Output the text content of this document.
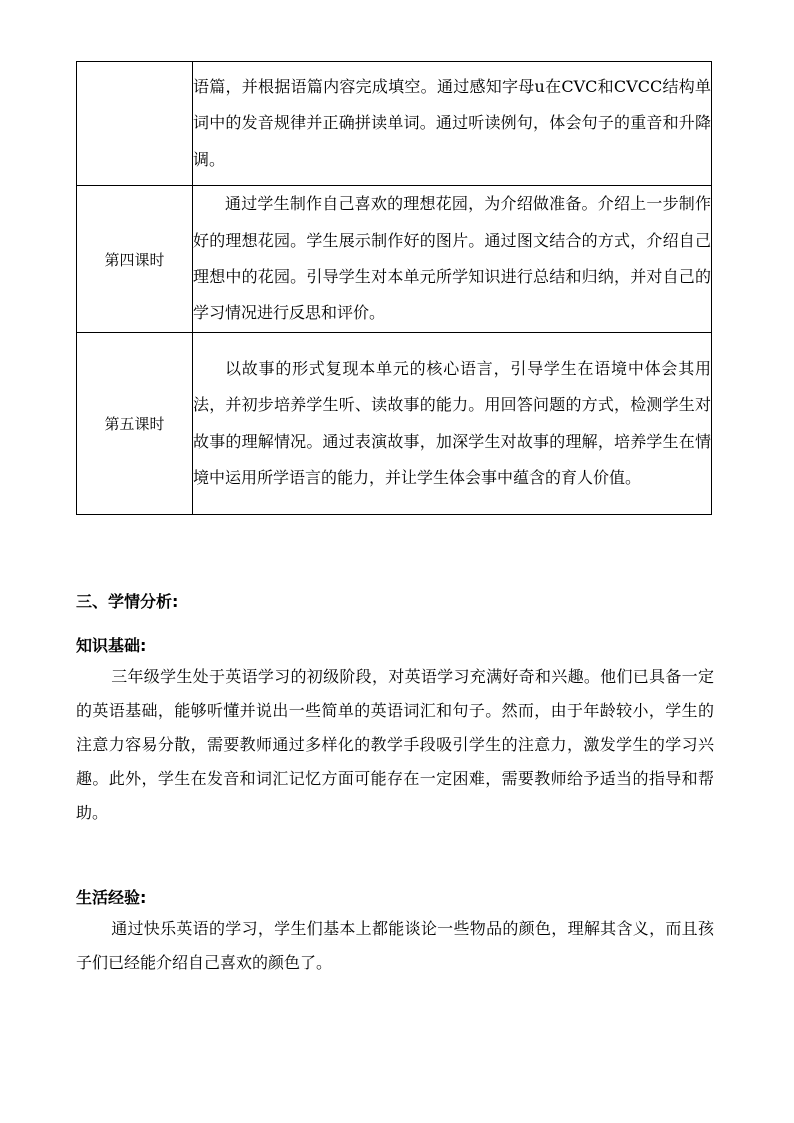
	语篇，并根据语篇内容完成填空。通过感知字母u在CVC和CVCC结构单词中的发音规律并正确拼读单词。通过听读例句，体会句子的重音和升降调。
第四课时	通过学生制作自己喜欢的理想花园，为介绍做准备。介绍上一步制作好的理想花园。学生展示制作好的图片。通过图文结合的方式，介绍自己理想中的花园。引导学生对本单元所学知识进行总结和归纳，并对自己的学习情况进行反思和评价。
第五课时	以故事的形式复现本单元的核心语言，引导学生在语境中体会其用法，并初步培养学生听、读故事的能力。用回答问题的方式，检测学生对故事的理解情况。通过表演故事，加深学生对故事的理解，培养学生在情境中运用所学语言的能力，并让学生体会事中蕴含的育人价值。
三、学情分析:
知识基础:

三年级学生处于英语学习的初级阶段，对英语学习充满好奇和兴趣。他们已具备一定的英语基础，能够听懂并说出一些简单的英语词汇和句子。然而，由于年龄较小，学生的注意力容易分散，需要教师通过多样化的教学手段吸引学生的注意力，激发学生的学习兴趣。此外，学生在发音和词汇记忆方面可能存在一定困难，需要教师给予适当的指导和帮助。

生活经验:

通过快乐英语的学习，学生们基本上都能谈论一些物品的颜色，理解其含义，而且孩子们已经能介绍自己喜欢的颜色了。
